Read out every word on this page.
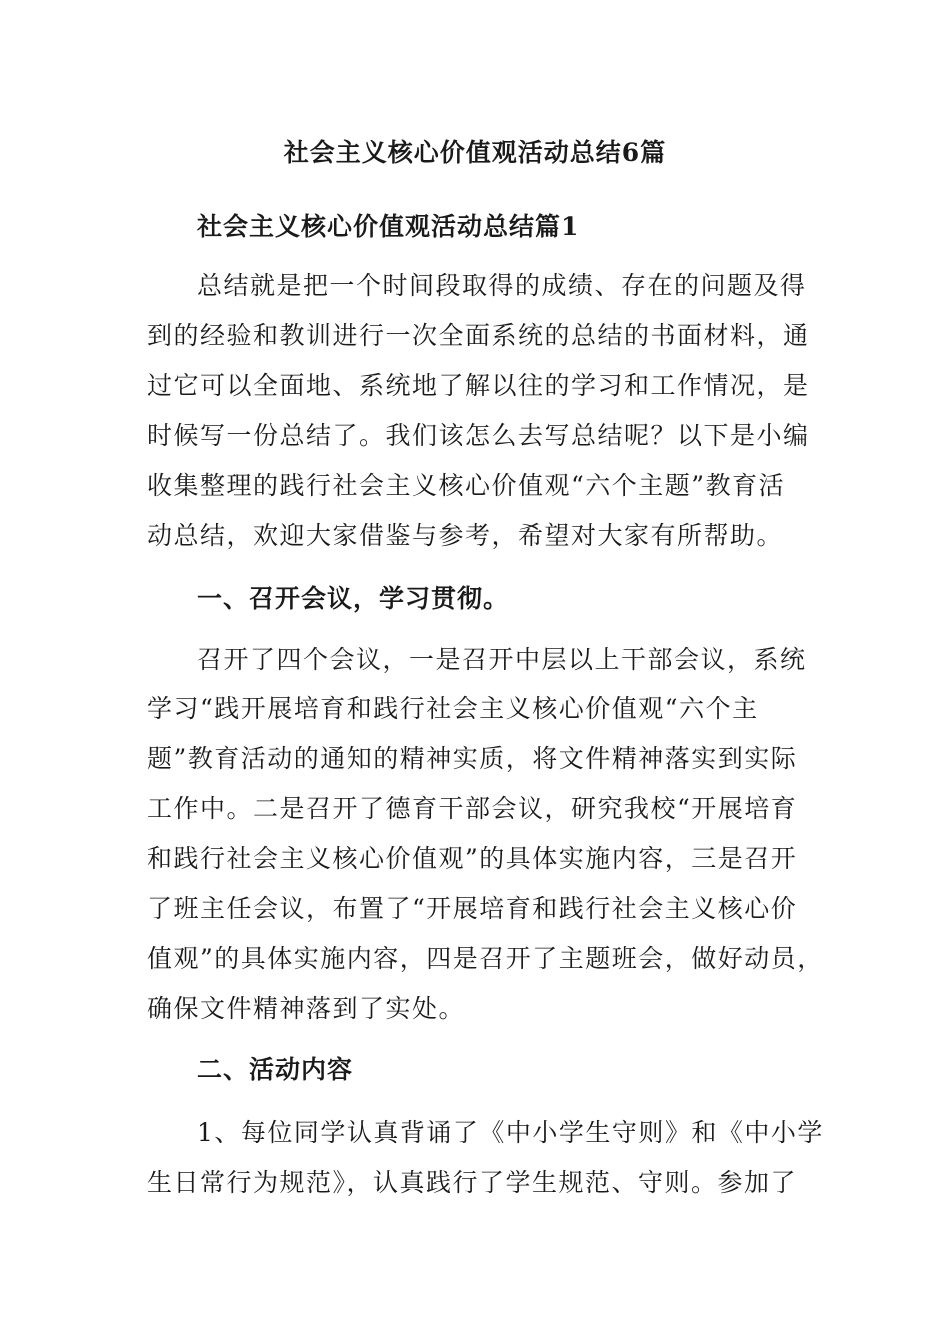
社会主义核心价值观活动总结6篇
社会主义核心价值观活动总结篇1
总结就是把一个时间段取得的成绩、存在的问题及得
到的经验和教训进行一次全面系统的总结的书面材料，通
过它可以全面地、系统地了解以往的学习和工作情况，是
时候写一份总结了。我们该怎么去写总结呢？以下是小编
收集整理的践行社会主义核心价值观“六个主题”教育活
动总结，欢迎大家借鉴与参考，希望对大家有所帮助。
一、召开会议，学习贯彻。
召开了四个会议，一是召开中层以上干部会议，系统
学习“践开展培育和践行社会主义核心价值观“六个主
题”教育活动的通知的精神实质，将文件精神落实到实际
工作中。二是召开了德育干部会议，研究我校“开展培育
和践行社会主义核心价值观”的具体实施内容，三是召开
了班主任会议，布置了“开展培育和践行社会主义核心价
值观”的具体实施内容，四是召开了主题班会，做好动员，
确保文件精神落到了实处。
二、活动内容
1、每位同学认真背诵了《中小学生守则》和《中小学
生日常行为规范》，认真践行了学生规范、守则。参加了
